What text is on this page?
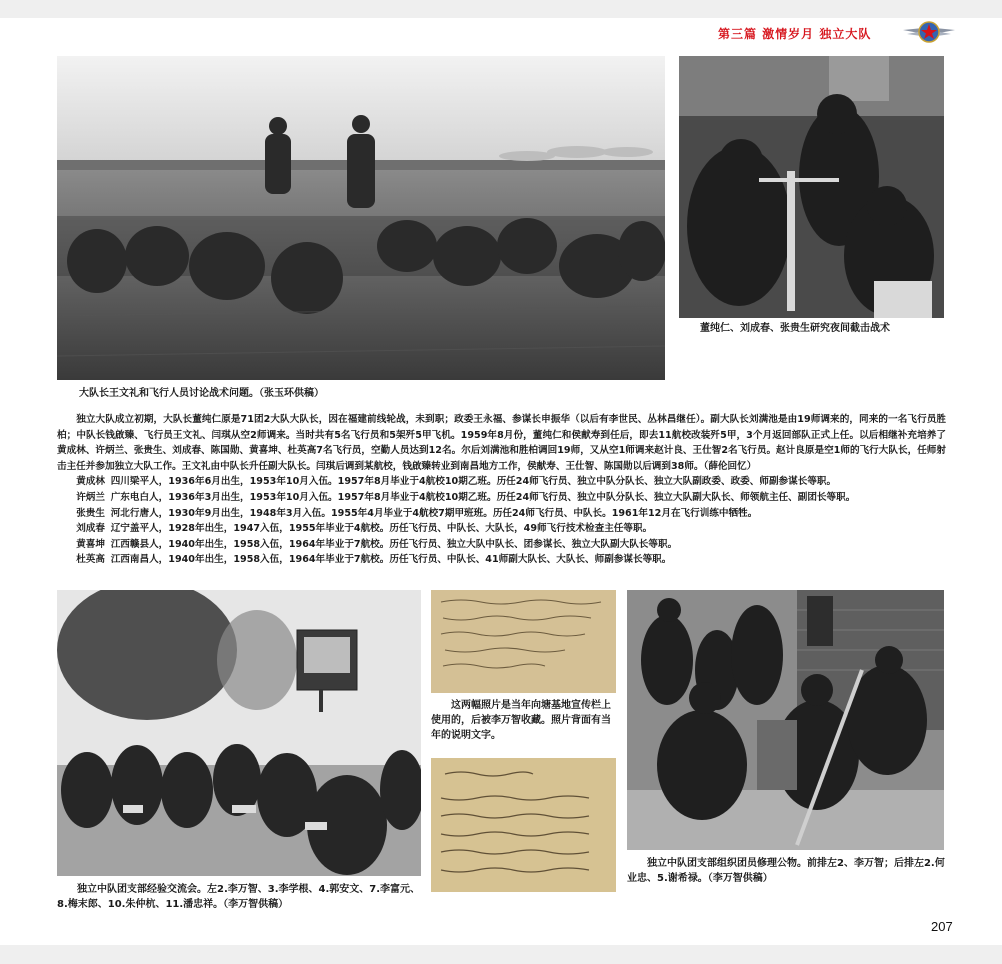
第三篇 激情岁月 独立大队
大队长王文礼和飞行人员讨论战术问题。（张玉环供稿）
董纯仁、刘成春、张贵生研究夜间截击战术

独立大队成立初期，大队长董纯仁原是71团2大队大队长，因在福建前线轮战，未到职；政委王永福、参谋长申振华（以后有李世民、丛林昌继任）。副大队长刘满池是由19师调来的，同来的一名飞行员胜柏；中队长钱啟臻、飞行员王文礼、闫琪从空2师调来。当时共有5名飞行员和5架歼5甲飞机。1959年8月份，董纯仁和侯献寿到任后，即去11航校改装歼5甲，3个月返回部队正式上任。以后相继补充培养了黄成林、许炳兰、张贵生、刘成春、陈国勋、黄喜坤、杜英高7名飞行员，空勤人员达到12名。尔后刘满池和胜柏调回19师，又从空1师调来赵计良、王仕智2名飞行员。赵计良原是空1师的飞行大队长，任师射击主任并参加独立大队工作。王文礼由中队长升任副大队长。闫琪后调到某航校，钱啟臻转业到南昌地方工作，侯献寿、王仕智、陈国勋以后调到38师。（薛伦回忆）

黄成林 四川梁平人，1936年6月出生，1953年10月入伍。1957年8月毕业于4航校10期乙班。历任24师飞行员、独立中队分队长、独立大队副政委、政委、师副参谋长等职。

许炳兰 广东电白人，1936年3月出生，1953年10月入伍。1957年8月毕业于4航校10期乙班。历任24师飞行员、独立中队分队长、独立大队副大队长、师领航主任、副团长等职。

张贵生 河北行唐人，1930年9月出生，1948年3月入伍。1955年4月毕业于4航校7期甲班班。历任24师飞行员、中队长。1961年12月在飞行训练中牺牲。

刘成春 辽宁盖平人，1928年出生，1947入伍，1955年毕业于4航校。历任飞行员、中队长、大队长，49师飞行技术检查主任等职。

黄喜坤 江西赣县人，1940年出生，1958入伍，1964年毕业于7航校。历任飞行员、独立大队中队长、团参谋长、独立大队副大队长等职。

杜英高 江西南昌人，1940年出生，1958入伍，1964年毕业于7航校。历任飞行员、中队长、41师副大队长、大队长、师副参谋长等职。

独立中队团支部经验交流会。左2.李万智、3.李学根、4.郭安文、7.李富元、8.梅末郎、10.朱仲杭、11.潘忠祥。（李万智供稿）
这两幅照片是当年向塘基地宣传栏上使用的，后被李万智收藏。照片背面有当年的说明文字。
独立中队团支部组织团员修理公物。前排左2、李万智；后排左2.何业忠、5.谢希禄。（李万智供稿）
207
